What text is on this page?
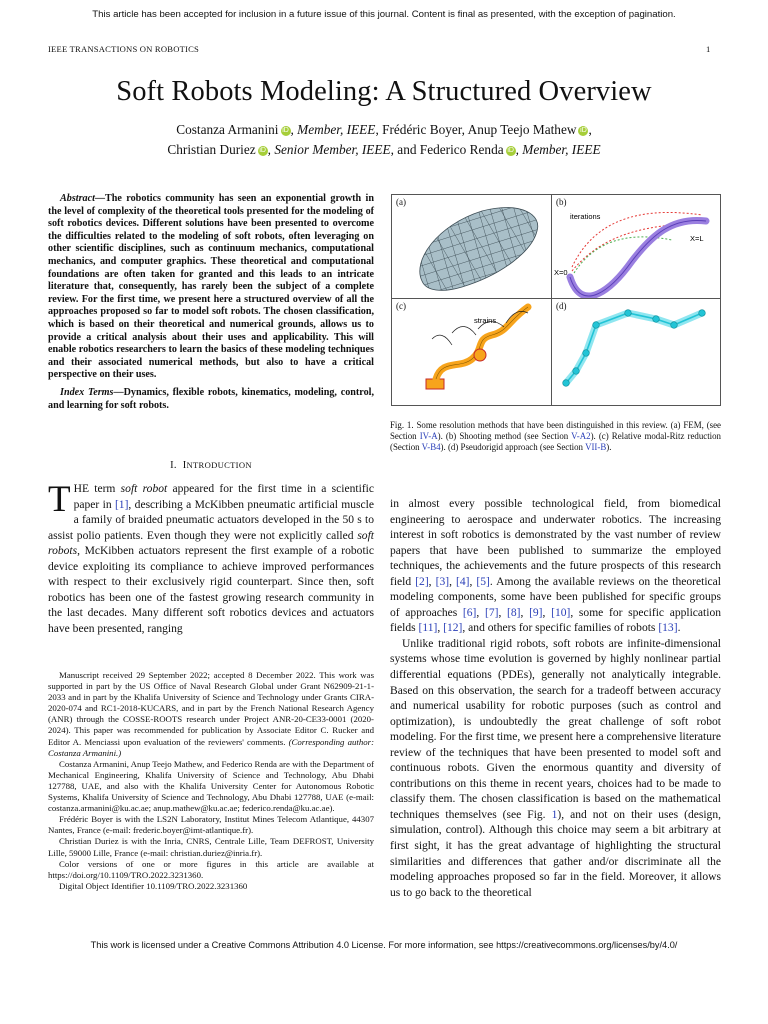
This article has been accepted for inclusion in a future issue of this journal. Content is final as presented, with the exception of pagination.
IEEE TRANSACTIONS ON ROBOTICS	1
Soft Robots Modeling: A Structured Overview
Costanza Armanini iD , Member, IEEE, Frédéric Boyer, Anup Teejo Mathew iD ,
Christian Duriez iD , Senior Member, IEEE, and Federico Renda iD , Member, IEEE

Abstract—The robotics community has seen an exponential growth in the level of complexity of the theoretical tools presented for the modeling of soft robotics devices. Different solutions have been presented to overcome the difficulties related to the modeling of soft robots, often leveraging on other scientific disciplines, such as continuum mechanics, computational mechanics, and computer graphics. These theoretical and computational foundations are often taken for granted and this leads to an intricate literature that, consequently, has rarely been the subject of a complete review. For the first time, we present here a structured overview of all the approaches proposed so far to model soft robots. The chosen classification, which is based on their theoretical and numerical grounds, allows us to provide a critical analysis about their uses and applicability. This will enable robotics researchers to learn the basics of these modeling techniques and their associated numerical methods, but also to have a critical perspective on their uses.

Index Terms—Dynamics, flexible robots, kinematics, modeling, control, and learning for soft robots.

I. INTRODUCTION
THE term soft robot appeared for the first time in a scientific paper in [1], describing a McKibben pneumatic artificial muscle a family of braided pneumatic actuators developed in the 50 s to assist polio patients. Even though they were not explicitly called soft robots, McKibben actuators represent the first example of a robotic device exploiting its compliance to achieve improved performances with respect to their exclusively rigid counterpart. Since then, soft robotics has been one of the fastest growing research community in the last decades. Many different soft robotics devices and actuators have been presented, ranging

Manuscript received 29 September 2022; accepted 8 December 2022. This work was supported in part by the US Office of Naval Research Global under Grant N62909-21-1-2033 and in part by the Khalifa University of Science and Technology under Grants CIRA-2020-074 and RC1-2018-KUCARS, and in part by the French National Research Agency (ANR) through the COSSE-ROOTS research under Project ANR-20-CE33-0001 (2020-2024). This paper was recommended for publication by Associate Editor C. Rucker and Editor A. Menciassi upon evaluation of the reviewers' comments. (Corresponding author: Costanza Armanini.)

Costanza Armanini, Anup Teejo Mathew, and Federico Renda are with the Department of Mechanical Engineering, Khalifa University of Science and Technology, Abu Dhabi 127788, UAE, and also with the Khalifa University Center for Autonomous Robotic Systems, Khalifa University of Science and Technology, Abu Dhabi 127788, UAE (e-mail: costanza.armanini@ku.ac.ae; anup.mathew@ku.ac.ae; federico.renda@ku.ac.ae).

Frédéric Boyer is with the LS2N Laboratory, Institut Mines Telecom Atlantique, 44307 Nantes, France (e-mail: frederic.boyer@imt-atlantique.fr).

Christian Duriez is with the Inria, CNRS, Centrale Lille, Team DEFROST, University Lille, 59000 Lille, France (e-mail: christian.duriez@inria.fr).

Color versions of one or more figures in this article are available at https://doi.org/10.1109/TRO.2022.3231360.

Digital Object Identifier 10.1109/TRO.2022.3231360

(a)	(b)
iterations
X=0
X=L
(c)
strains
(d)
Fig. 1. Some resolution methods that have been distinguished in this review. (a) FEM, (see Section IV-A). (b) Shooting method (see Section V-A2). (c) Relative modal-Ritz reduction (Section V-B4). (d) Pseudorigid approach (see Section VII-B).

in almost every possible technological field, from biomedical engineering to aerospace and underwater robotics. The increasing interest in soft robotics is demonstrated by the vast number of review papers that have been published to summarize the employed techniques, the achievements and the future prospects of this research field [2], [3], [4], [5]. Among the available reviews on the theoretical modeling components, some have been published for specific groups of approaches [6], [7], [8], [9], [10], some for specific application fields [11], [12], and others for specific families of robots [13].

Unlike traditional rigid robots, soft robots are infinite-dimensional systems whose time evolution is governed by highly nonlinear partial differential equations (PDEs), generally not analytically integrable. Based on this observation, the search for a tradeoff between accuracy and numerical usability for robotic purposes (such as control and optimization), is undoubtedly the great challenge of soft robot modeling. For the first time, we present here a comprehensive literature review of the techniques that have been presented to model soft and continuous robots. Given the enormous quantity and diversity of contributions on this theme in recent years, choices had to be made to classify them. The chosen classification is based on the mathematical techniques themselves (see Fig. 1), and not on their uses (design, simulation, control). Although this choice may seem a bit arbitrary at first sight, it has the great advantage of highlighting the structural similarities and differences that gather and/or discriminate all the modeling approaches proposed so far in the field. Moreover, it allows us to go back to the theoretical

This work is licensed under a Creative Commons Attribution 4.0 License. For more information, see https://creativecommons.org/licenses/by/4.0/
